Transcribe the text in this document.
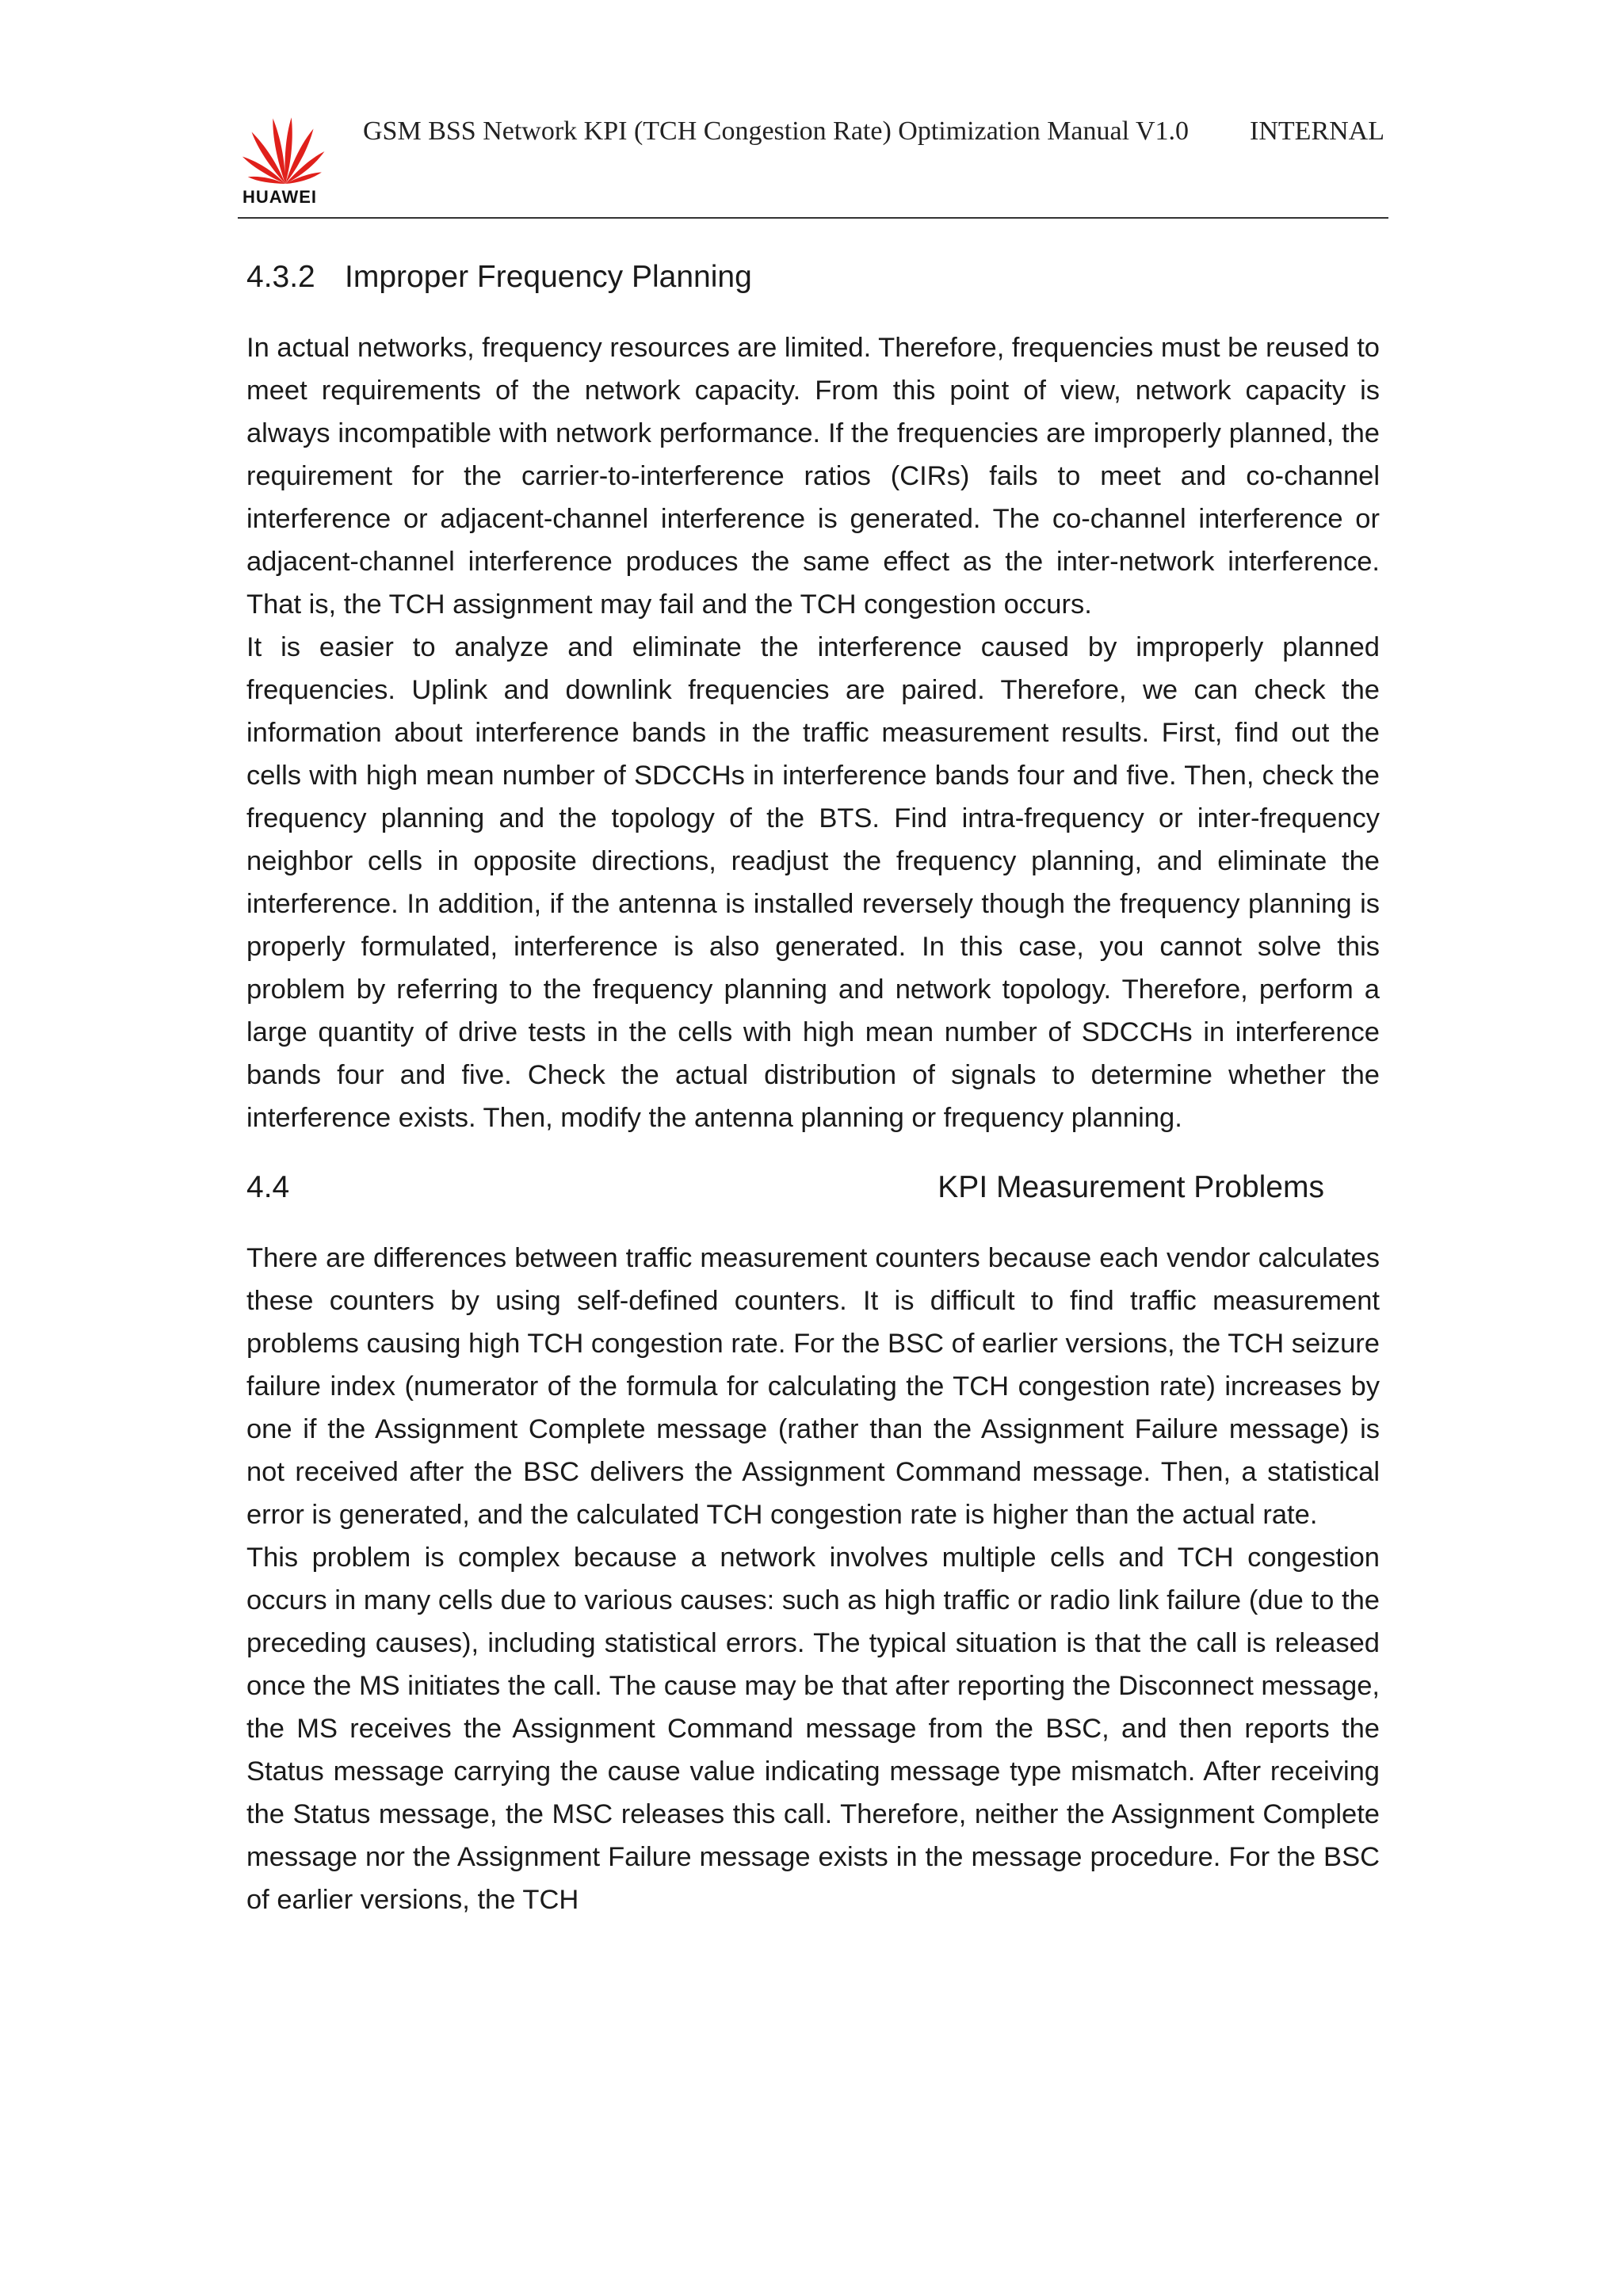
HUAWEI
GSM BSS Network KPI (TCH Congestion Rate) Optimization Manual V1.0	INTERNAL
4.3.2 Improper Frequency Planning

In actual networks, frequency resources are limited. Therefore, frequencies must be reused to meet requirements of the network capacity. From this point of view, network capacity is always incompatible with network performance. If the frequencies are improperly planned, the requirement for the carrier-to-interference ratios (CIRs) fails to meet and co-channel interference or adjacent-channel interference is generated. The co-channel interference or adjacent-channel interference produces the same effect as the inter-network interference. That is, the TCH assignment may fail and the TCH congestion occurs.

It is easier to analyze and eliminate the interference caused by improperly planned frequencies. Uplink and downlink frequencies are paired. Therefore, we can check the information about interference bands in the traffic measurement results. First, find out the cells with high mean number of SDCCHs in interference bands four and five. Then, check the frequency planning and the topology of the BTS. Find intra-frequency or inter-frequency neighbor cells in opposite directions, readjust the frequency planning, and eliminate the interference. In addition, if the antenna is installed reversely though the frequency planning is properly formulated, interference is also generated. In this case, you cannot solve this problem by referring to the frequency planning and network topology. Therefore, perform a large quantity of drive tests in the cells with high mean number of SDCCHs in interference bands four and five. Check the actual distribution of signals to determine whether the interference exists. Then, modify the antenna planning or frequency planning.

4.4	KPI Measurement Problems

There are differences between traffic measurement counters because each vendor calculates these counters by using self-defined counters. It is difficult to find traffic measurement problems causing high TCH congestion rate. For the BSC of earlier versions, the TCH seizure failure index (numerator of the formula for calculating the TCH congestion rate) increases by one if the Assignment Complete message (rather than the Assignment Failure message) is not received after the BSC delivers the Assignment Command message. Then, a statistical error is generated, and the calculated TCH congestion rate is higher than the actual rate.

This problem is complex because a network involves multiple cells and TCH congestion occurs in many cells due to various causes: such as high traffic or radio link failure (due to the preceding causes), including statistical errors. The typical situation is that the call is released once the MS initiates the call. The cause may be that after reporting the Disconnect message, the MS receives the Assignment Command message from the BSC, and then reports the Status message carrying the cause value indicating message type mismatch. After receiving the Status message, the MSC releases this call. Therefore, neither the Assignment Complete message nor the Assignment Failure message exists in the message procedure. For the BSC of earlier versions, the TCH
